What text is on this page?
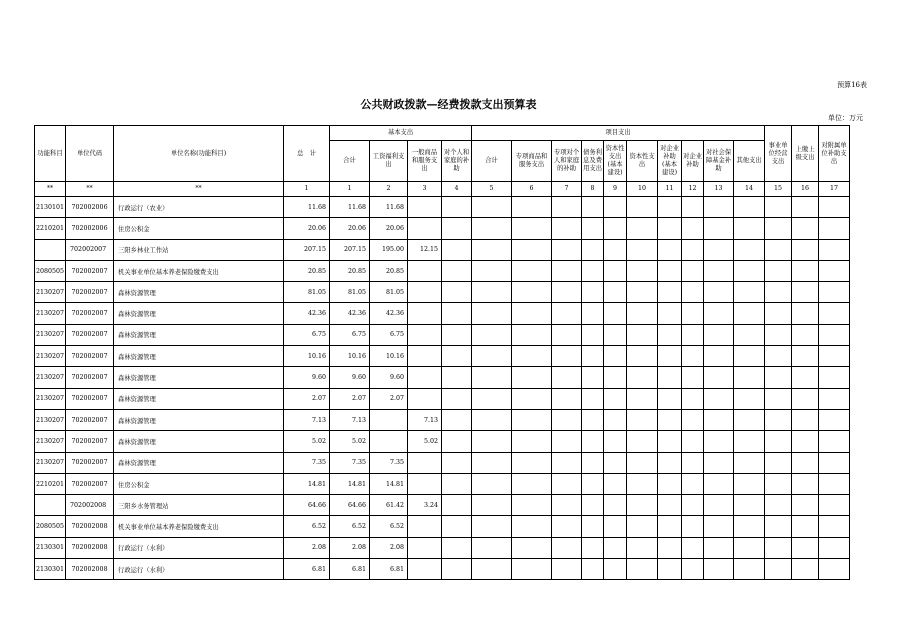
预算16表
公共财政拨款—经费拨款支出预算表
单位：万元
功能科目	单位代码	单位名称(功能科目)	总　计	基本支出				项目支出										事业单位经营支出	上缴上级支出	对附属单位补助支出
				合计	工资福利支出	一般商品和服务支出	对个人和家庭的补助	合计	专项商品和服务支出	专项对个人和家庭的补助	债务利息及费用支出	资本性支出(基本建设)	资本性支出	对企业补助(基本建设)	对企业补助	对社会保障基金补助	其他支出			
**	**	**	1	1	2	3	4	5	6	7	8	9	10	11	12	13	14	15	16	17
2130101	702002006	行政运行（农业）	11.68	11.68	11.68															
2210201	702002006	住房公积金	20.06	20.06	20.06															
	702002007	三阳乡林业工作站	207.15	207.15	195.00	12.15														
2080505	702002007	机关事业单位基本养老保险缴费支出	20.85	20.85	20.85															
2130207	702002007	森林资源管理	81.05	81.05	81.05															
2130207	702002007	森林资源管理	42.36	42.36	42.36															
2130207	702002007	森林资源管理	6.75	6.75	6.75															
2130207	702002007	森林资源管理	10.16	10.16	10.16															
2130207	702002007	森林资源管理	9.60	9.60	9.60															
2130207	702002007	森林资源管理	2.07	2.07	2.07															
2130207	702002007	森林资源管理	7.13	7.13		7.13														
2130207	702002007	森林资源管理	5.02	5.02		5.02														
2130207	702002007	森林资源管理	7.35	7.35	7.35															
2210201	702002007	住房公积金	14.81	14.81	14.81															
	702002008	三阳乡水务管理站	64.66	64.66	61.42	3.24														
2080505	702002008	机关事业单位基本养老保险缴费支出	6.52	6.52	6.52															
2130301	702002008	行政运行（水利）	2.08	2.08	2.08															
2130301	702002008	行政运行（水利）	6.81	6.81	6.81															
